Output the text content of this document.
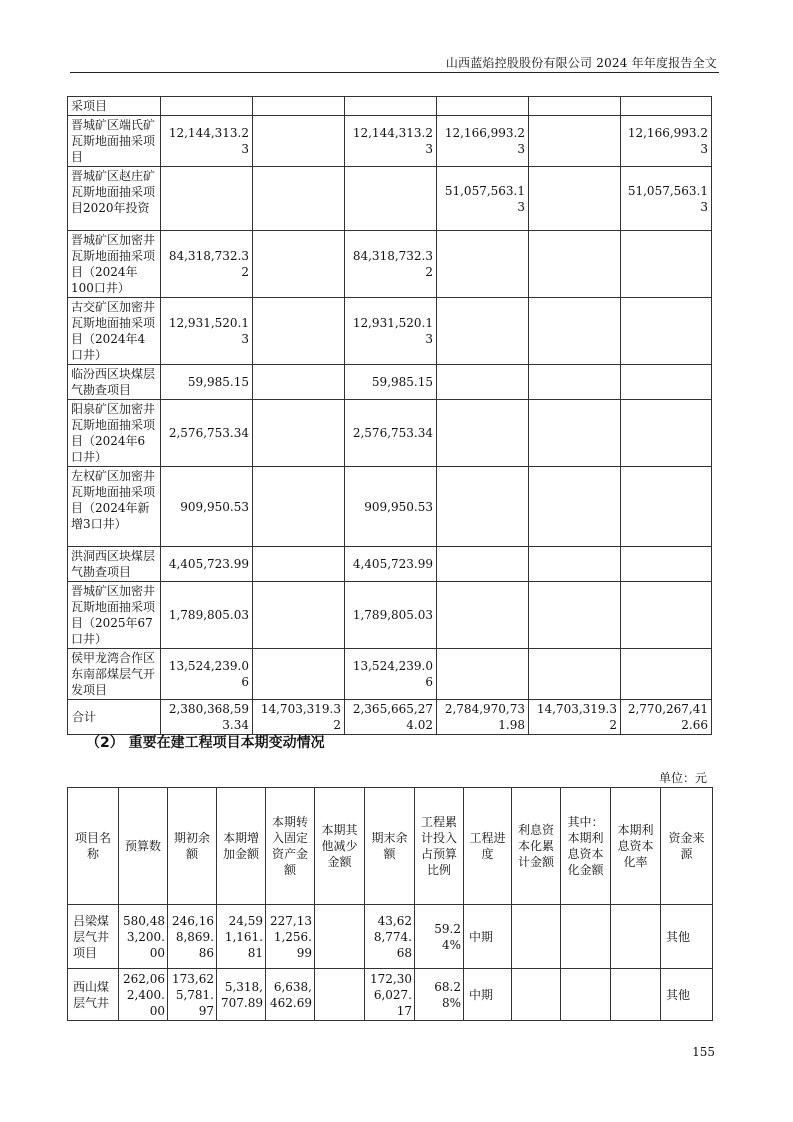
山西蓝焰控股股份有限公司 2024 年年度报告全文
采项目						
晋城矿区端氏矿瓦斯地面抽采项目	12,144,313.23		12,144,313.23	12,166,993.23		12,166,993.23
晋城矿区赵庄矿瓦斯地面抽采项目2020年投资				51,057,563.13		51,057,563.13
晋城矿区加密井瓦斯地面抽采项目（2024年100口井）	84,318,732.32		84,318,732.32			
古交矿区加密井瓦斯地面抽采项目（2024年4口井）	12,931,520.13		12,931,520.13			
临汾西区块煤层气勘查项目	59,985.15		59,985.15			
阳泉矿区加密井瓦斯地面抽采项目（2024年6口井）	2,576,753.34		2,576,753.34			
左权矿区加密井瓦斯地面抽采项目（2024年新增3口井）	909,950.53		909,950.53			
洪洞西区块煤层气勘查项目	4,405,723.99		4,405,723.99			
晋城矿区加密井瓦斯地面抽采项目（2025年67口井）	1,789,805.03		1,789,805.03			
侯甲龙湾合作区东南部煤层气开发项目	13,524,239.06		13,524,239.06			
合计	2,380,368,593.34	14,703,319.32	2,365,665,274.02	2,784,970,731.98	14,703,319.32	2,770,267,412.66
（2） 重要在建工程项目本期变动情况
单位：元
项目名称	预算数	期初余额	本期增加金额	本期转入固定资产金额	本期其他减少金额	期末余额	工程累计投入占预算比例	工程进度	利息资本化累计金额	其中：本期利息资本化金额	本期利息资本化率	资金来源
吕梁煤层气井项目	580,483,200.00	246,168,869.86	24,591,161.81	227,131,256.99		43,628,774.68	59.24%	中期				其他
西山煤层气井	262,062,400.00	173,625,781.97	5,318,707.89	6,638,462.69		172,306,027.17	68.28%	中期				其他
155
